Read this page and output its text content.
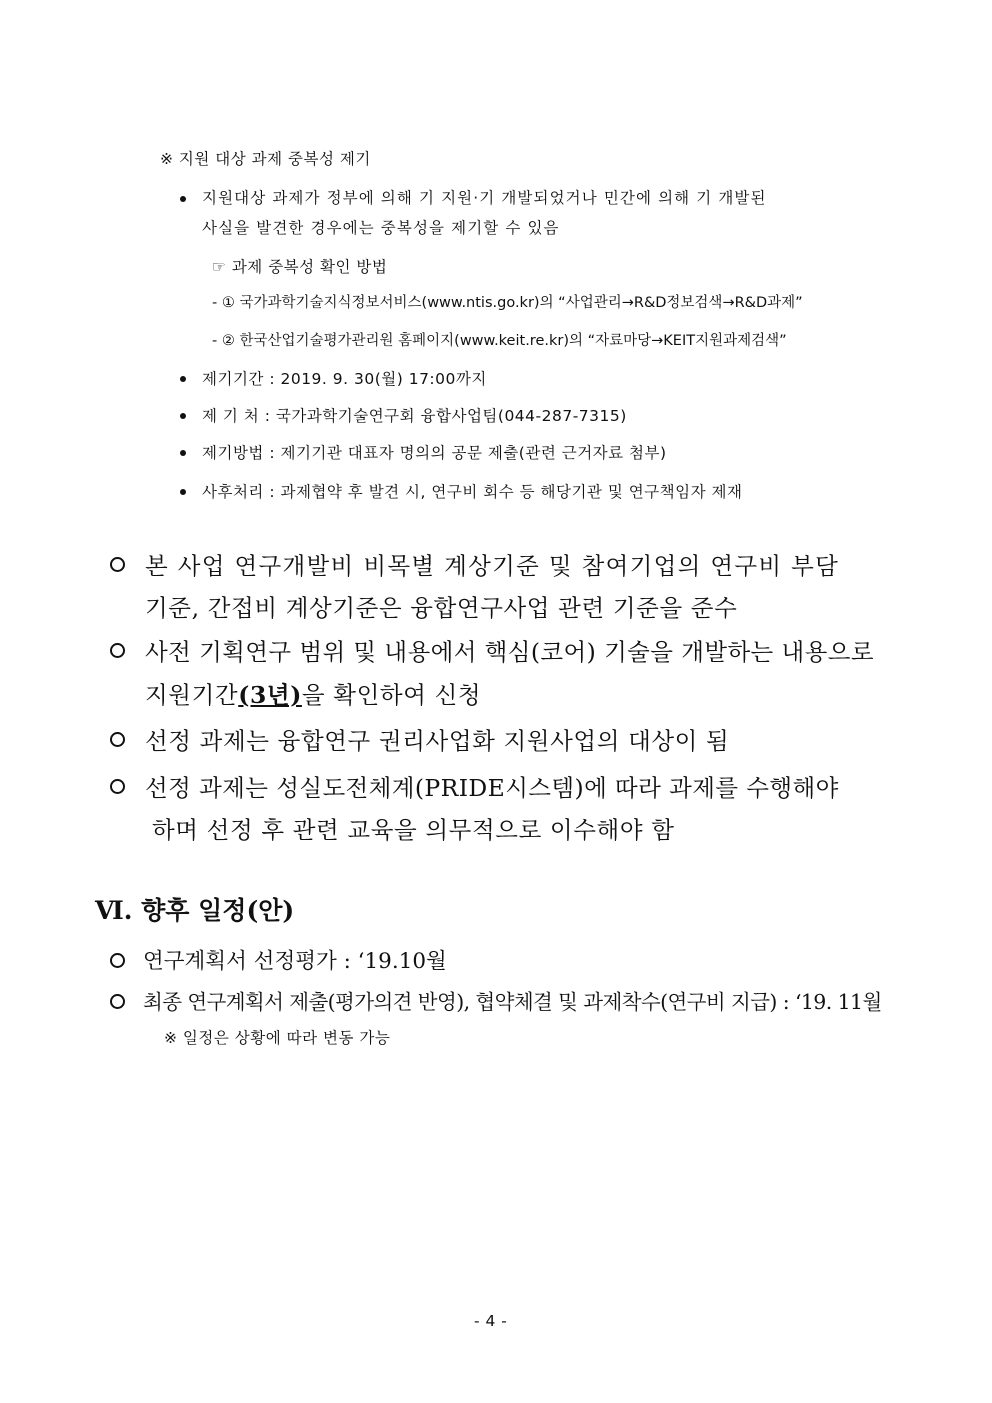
※ 지원 대상 과제 중복성 제기
지원대상 과제가 정부에 의해 기 지원·기 개발되었거나 민간에 의해 기 개발된
사실을 발견한 경우에는 중복성을 제기할 수 있음
☞ 과제 중복성 확인 방법
- ① 국가과학기술지식정보서비스(www.ntis.go.kr)의 “사업관리→R&D정보검색→R&D과제”
- ② 한국산업기술평가관리원 홈페이지(www.keit.re.kr)의 “자료마당→KEIT지원과제검색”
제기기간 : 2019. 9. 30(월) 17:00까지
제 기 처 : 국가과학기술연구회 융합사업팀(044-287-7315)
제기방법 : 제기기관 대표자 명의의 공문 제출(관련 근거자료 첨부)
사후처리 : 과제협약 후 발견 시, 연구비 회수 등 해당기관 및 연구책임자 제재
본 사업 연구개발비 비목별 계상기준 및 참여기업의 연구비 부담
기준, 간접비 계상기준은 융합연구사업 관련 기준을 준수
사전 기획연구 범위 및 내용에서 핵심(코어) 기술을 개발하는 내용으로
지원기간(3년)을 확인하여 신청
선정 과제는 융합연구 권리사업화 지원사업의 대상이 됨
선정 과제는 성실도전체계(PRIDE시스템)에 따라 과제를 수행해야
하며 선정 후 관련 교육을 의무적으로 이수해야 함
Ⅵ. 향후 일정(안)
연구계획서 선정평가 : ‘19.10월
최종 연구계획서 제출(평가의견 반영), 협약체결 및 과제착수(연구비 지급) : ‘19. 11월
※ 일정은 상황에 따라 변동 가능
- 4 -
